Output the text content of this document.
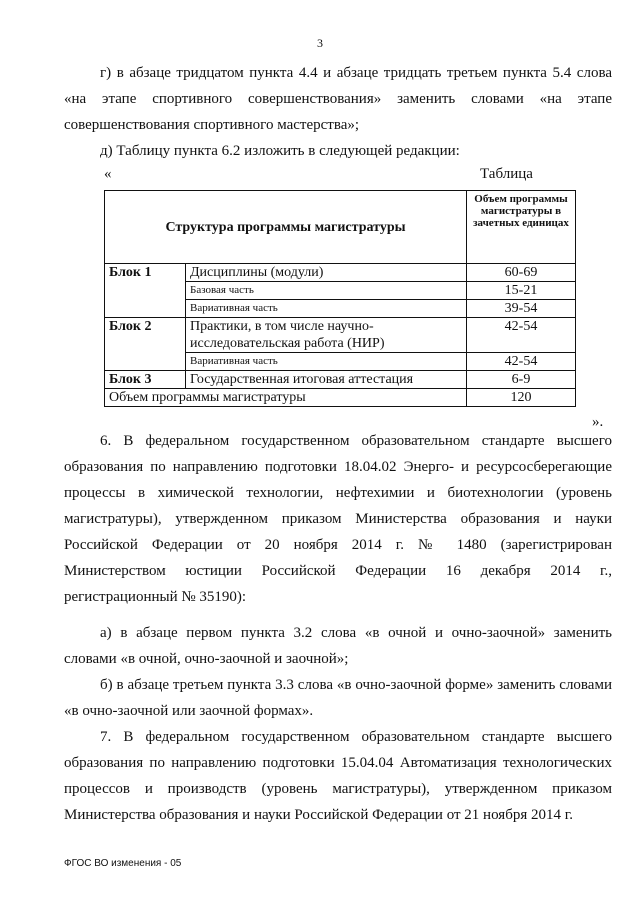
3

г) в абзаце тридцатом пункта 4.4 и абзаце тридцать третьем пункта 5.4 слова «на этапе спортивного совершенствования» заменить словами «на этапе совершенствования спортивного мастерства»;

д) Таблицу пункта 6.2 изложить в следующей редакции:

«	Таблица
Структура программы магистратуры		Объем программы магистратуры в зачетных единицах
Блок 1	Дисциплины (модули)	60-69
	Базовая часть	15-21
	Вариативная часть	39-54
Блок 2	Практики, в том числе научно-исследовательская работа (НИР)	42-54
	Вариативная часть	42-54
Блок 3	Государственная итоговая аттестация	6-9
Объем программы магистратуры		120
».

6. В федеральном государственном образовательном стандарте высшего образования по направлению подготовки 18.04.02 Энерго- и ресурсосберегающие процессы в химической технологии, нефтехимии и биотехнологии (уровень магистратуры), утвержденном приказом Министерства образования и науки Российской Федерации от 20 ноября 2014 г. № 1480 (зарегистрирован Министерством юстиции Российской Федерации 16 декабря 2014 г., регистрационный № 35190):

а) в абзаце первом пункта 3.2 слова «в очной и очно-заочной» заменить словами «в очной, очно-заочной и заочной»;

б) в абзаце третьем пункта 3.3 слова «в очно-заочной форме» заменить словами «в очно-заочной или заочной формах».

7. В федеральном государственном образовательном стандарте высшего образования по направлению подготовки 15.04.04 Автоматизация технологических процессов и производств (уровень магистратуры), утвержденном приказом Министерства образования и науки Российской Федерации от 21 ноября 2014 г.

ФГОС ВО изменения - 05
